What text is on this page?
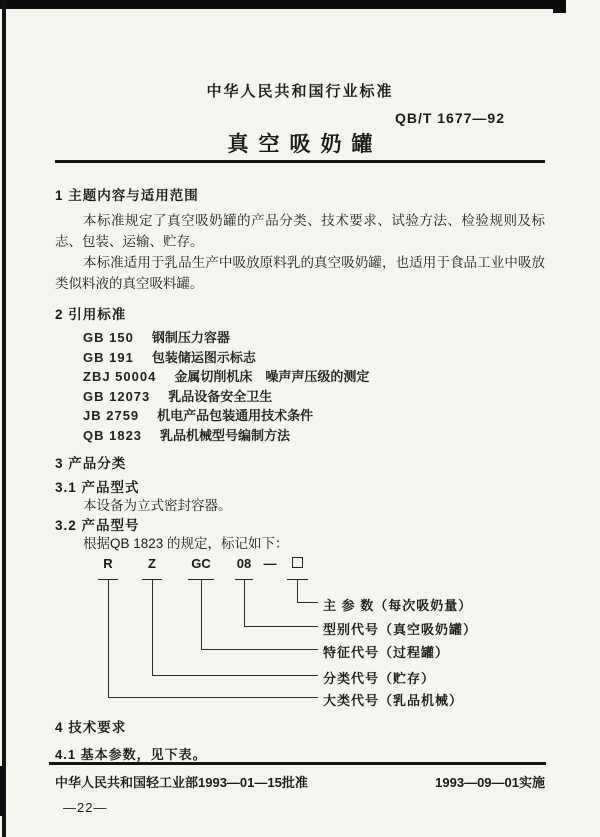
中华人民共和国行业标准
QB/T 1677—92
真空吸奶罐
1 主题内容与适用范围
本标准规定了真空吸奶罐的产品分类、技术要求、试验方法、检验规则及标志、包装、运输、贮存。
本标准适用于乳品生产中吸放原料乳的真空吸奶罐，也适用于食品工业中吸放类似料液的真空吸料罐。
2 引用标准
GB 150 钢制压力容器
GB 191 包装储运图示标志
ZBJ 50004 金属切削机床　噪声声压级的测定
GB 12073 乳品设备安全卫生
JB 2759 机电产品包装通用技术条件
QB 1823 乳品机械型号编制方法
3 产品分类
3.1 产品型式
本设备为立式密封容器。
3.2 产品型号
根据QB 1823 的规定，标记如下：
R	Z	GC	08 —
主 参 数（每次吸奶量）
型别代号（真空吸奶罐）
特征代号（过程罐）
分类代号（贮存）
大类代号（乳品机械）
4 技术要求
4.1 基本参数，见下表。
中华人民共和国轻工业部1993—01—15批准	1993—09—01实施
—22—
